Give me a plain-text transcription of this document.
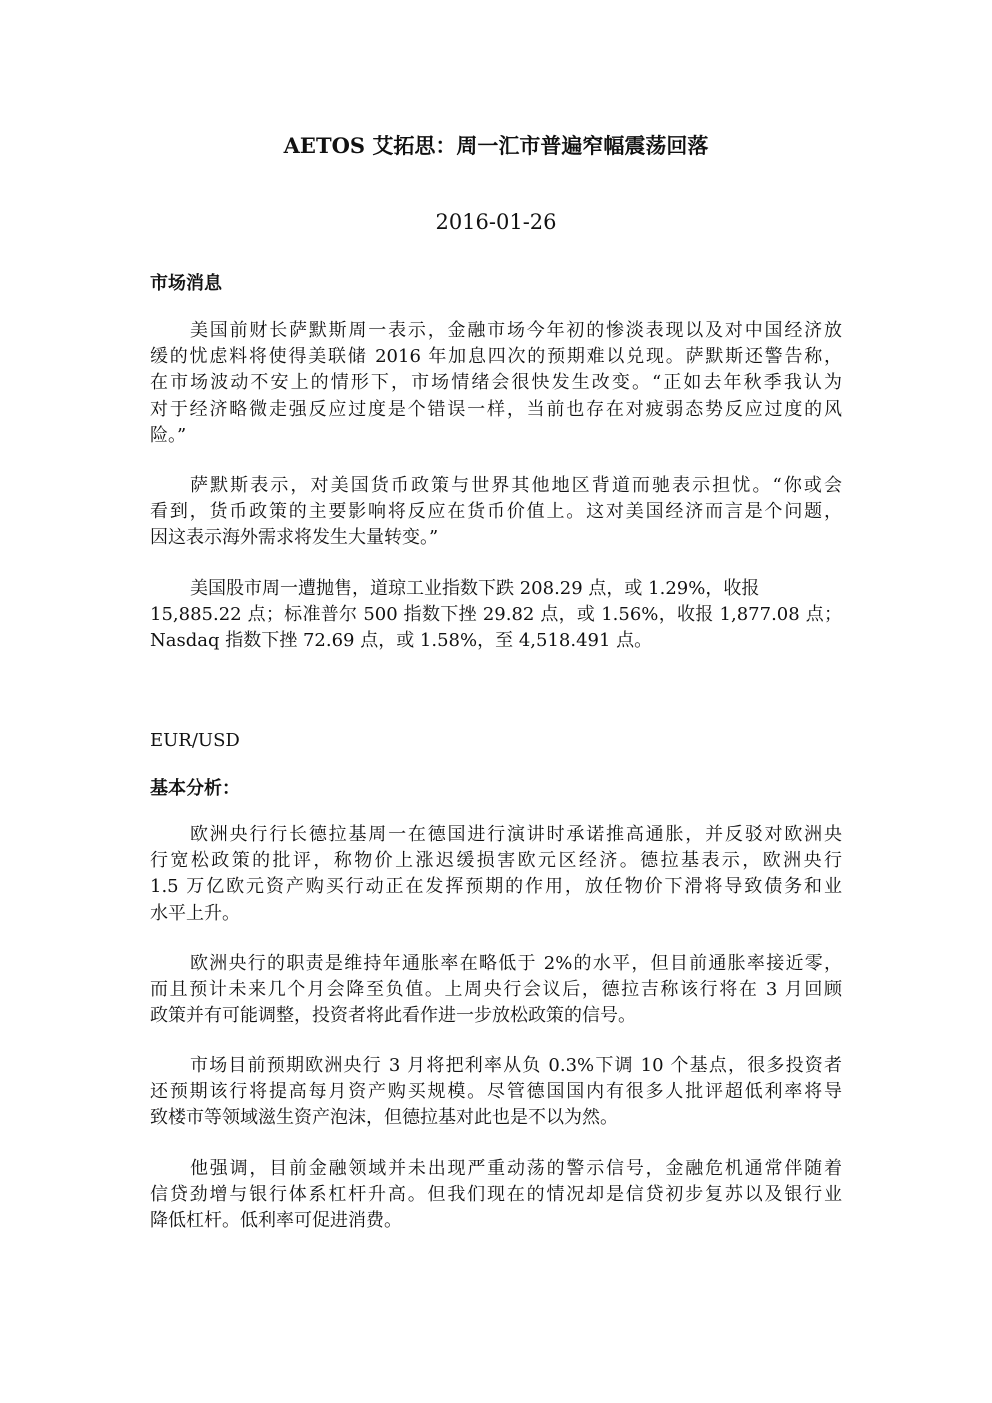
AETOS 艾拓思：周一汇市普遍窄幅震荡回落
2016-01-26
市场消息

美国前财长萨默斯周一表示，金融市场今年初的惨淡表现以及对中国经济放
缓的忧虑料将使得美联储 2016 年加息四次的预期难以兑现。萨默斯还警告称，
在市场波动不安上的情形下，市场情绪会很快发生改变。“正如去年秋季我认为
对于经济略微走强反应过度是个错误一样，当前也存在对疲弱态势反应过度的风
险。”

萨默斯表示，对美国货币政策与世界其他地区背道而驰表示担忧。“你或会
看到，货币政策的主要影响将反应在货币价值上。这对美国经济而言是个问题，
因这表示海外需求将发生大量转变。”

美国股市周一遭抛售，道琼工业指数下跌 208.29 点，或 1.29%，收报
15,885.22 点；标准普尔 500 指数下挫 29.82 点，或 1.56%，收报 1,877.08 点；
Nasdaq 指数下挫 72.69 点，或 1.58%，至 4,518.491 点。

EUR/USD
基本分析：

欧洲央行行长德拉基周一在德国进行演讲时承诺推高通胀，并反驳对欧洲央
行宽松政策的批评，称物价上涨迟缓损害欧元区经济。德拉基表示，欧洲央行
1.5 万亿欧元资产购买行动正在发挥预期的作用，放任物价下滑将导致债务和业
水平上升。

欧洲央行的职责是维持年通胀率在略低于 2%的水平，但目前通胀率接近零，
而且预计未来几个月会降至负值。上周央行会议后，德拉吉称该行将在 3 月回顾
政策并有可能调整，投资者将此看作进一步放松政策的信号。

市场目前预期欧洲央行 3 月将把利率从负 0.3%下调 10 个基点，很多投资者
还预期该行将提高每月资产购买规模。尽管德国国内有很多人批评超低利率将导
致楼市等领域滋生资产泡沫，但德拉基对此也是不以为然。

他强调，目前金融领域并未出现严重动荡的警示信号，金融危机通常伴随着
信贷劲增与银行体系杠杆升高。但我们现在的情况却是信贷初步复苏以及银行业
降低杠杆。低利率可促进消费。
